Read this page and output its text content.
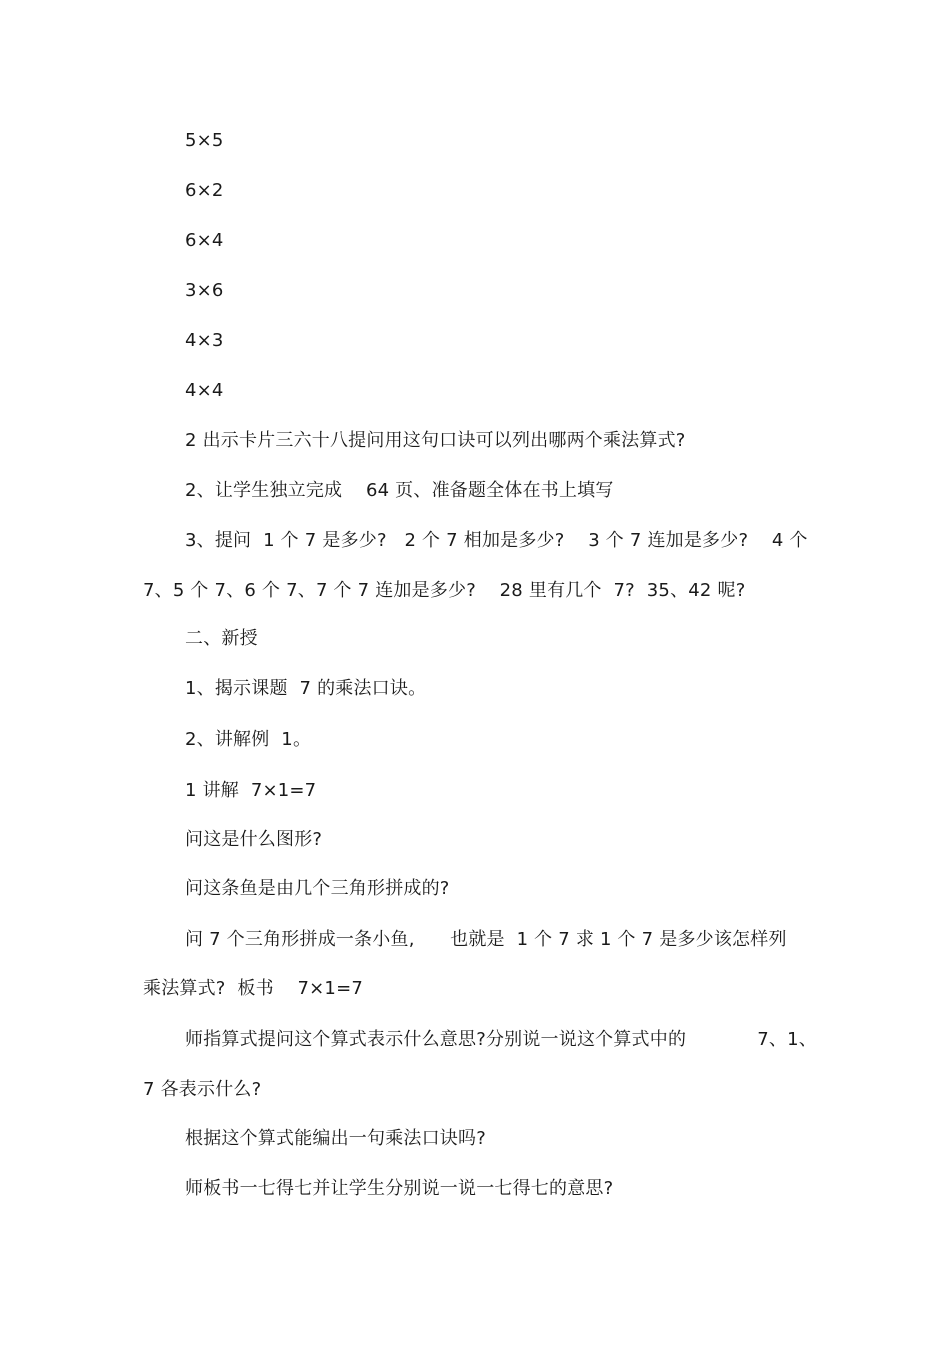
5×5
6×2
6×4
3×6
4×3
4×4
2 出示卡片三六十八提问用这句口诀可以列出哪两个乘法算式?
2、让学生独立完成    64 页、准备题全体在书上填写
3、提问  1 个 7 是多少?   2 个 7 相加是多少?    3 个 7 连加是多少?    4 个
7、5 个 7、6 个 7、7 个 7 连加是多少?    28 里有几个  7?  35、42 呢?
二、新授
1、揭示课题  7 的乘法口诀。
2、讲解例  1。
1 讲解  7×1=7
问这是什么图形?
问这条鱼是由几个三角形拼成的?
问 7 个三角形拼成一条小鱼,      也就是  1 个 7 求 1 个 7 是多少该怎样列
乘法算式?  板书    7×1=7
师指算式提问这个算式表示什么意思?分别说一说这个算式中的            7、1、
7 各表示什么?
根据这个算式能编出一句乘法口诀吗?
师板书一七得七并让学生分别说一说一七得七的意思?
